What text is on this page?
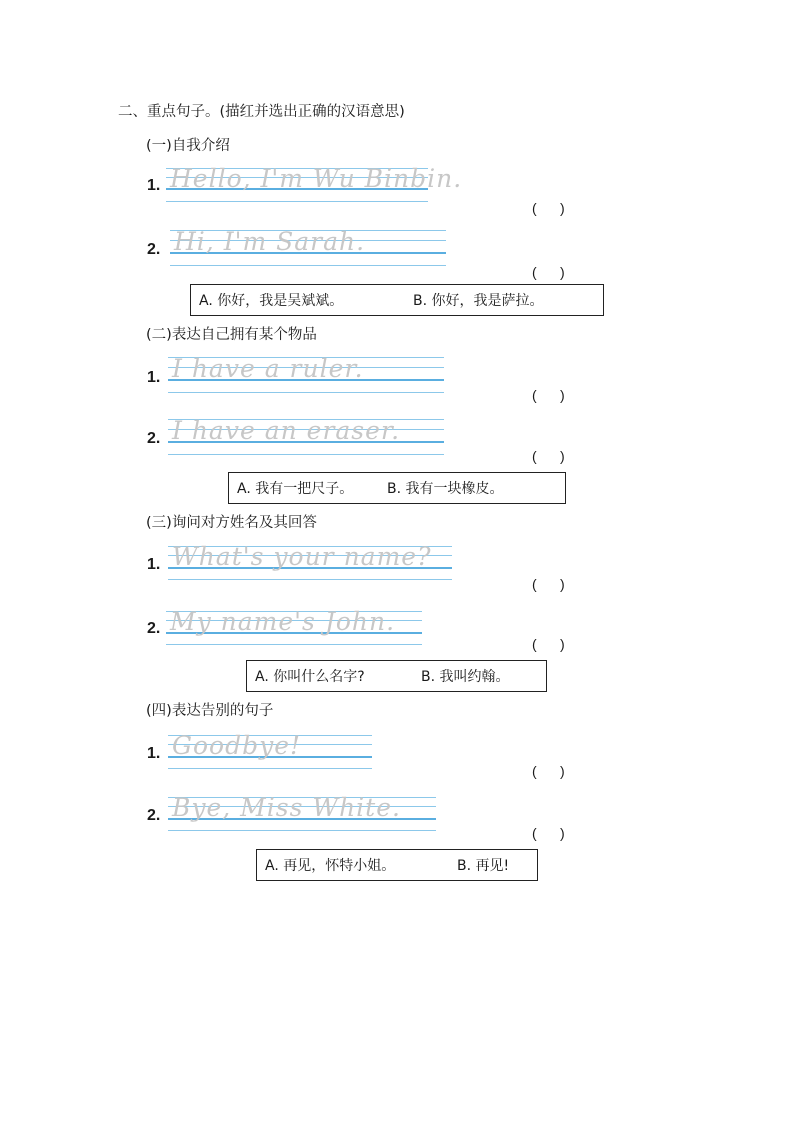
二、重点句子。(描红并选出正确的汉语意思)
(一)自我介绍
1. Hello, I'm Wu Binbin.
(      )
2. Hi, I'm Sarah.
(      )
A. 你好，我是吴斌斌。	B. 你好，我是萨拉。
(二)表达自己拥有某个物品
1. I have a ruler.
(      )
2. I have an eraser.
(      )
A. 我有一把尺子。	B. 我有一块橡皮。
(三)询问对方姓名及其回答
1. What's your name?
(      )
2. My name's John.
(      )
A. 你叫什么名字?	B. 我叫约翰。
(四)表达告别的句子
1. Goodbye!
(      )
2. Bye, Miss White.
(      )
A. 再见，怀特小姐。	B. 再见!
